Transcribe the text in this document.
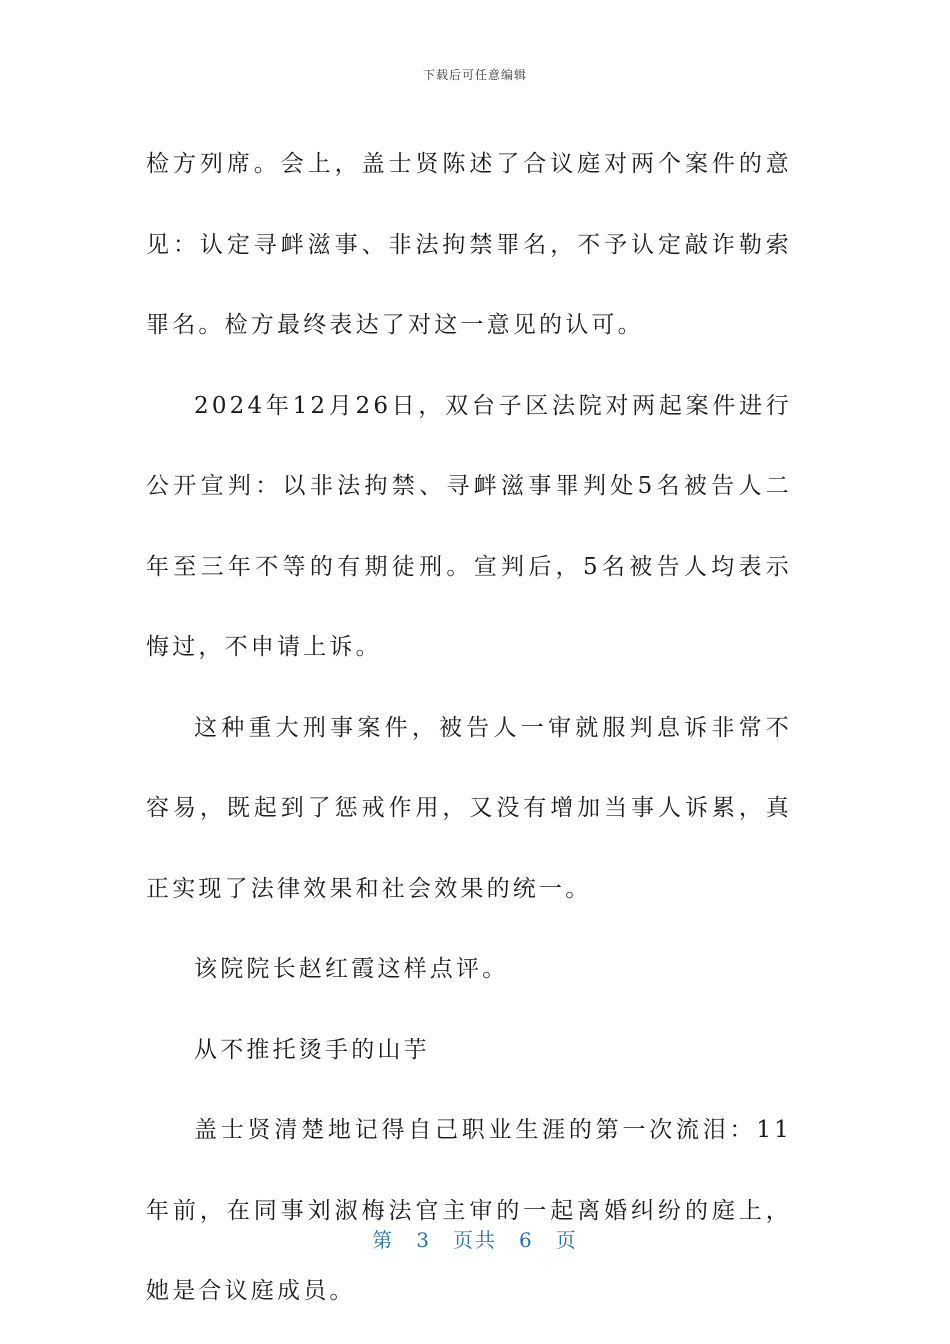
下载后可任意编辑

检方列席。会上，盖士贤陈述了合议庭对两个案件的意见：认定寻衅滋事、非法拘禁罪名，不予认定敲诈勒索罪名。检方最终表达了对这一意见的认可。

2024年12月26日，双台子区法院对两起案件进行公开宣判：以非法拘禁、寻衅滋事罪判处5名被告人二年至三年不等的有期徒刑。宣判后，5名被告人均表示悔过，不申请上诉。

这种重大刑事案件，被告人一审就服判息诉非常不容易，既起到了惩戒作用，又没有增加当事人诉累，真正实现了法律效果和社会效果的统一。

该院院长赵红霞这样点评。

从不推托烫手的山芋

盖士贤清楚地记得自己职业生涯的第一次流泪：11年前，在同事刘淑梅法官主审的一起离婚纠纷的庭上，她是合议庭成员。

第 3 页共 6 页
